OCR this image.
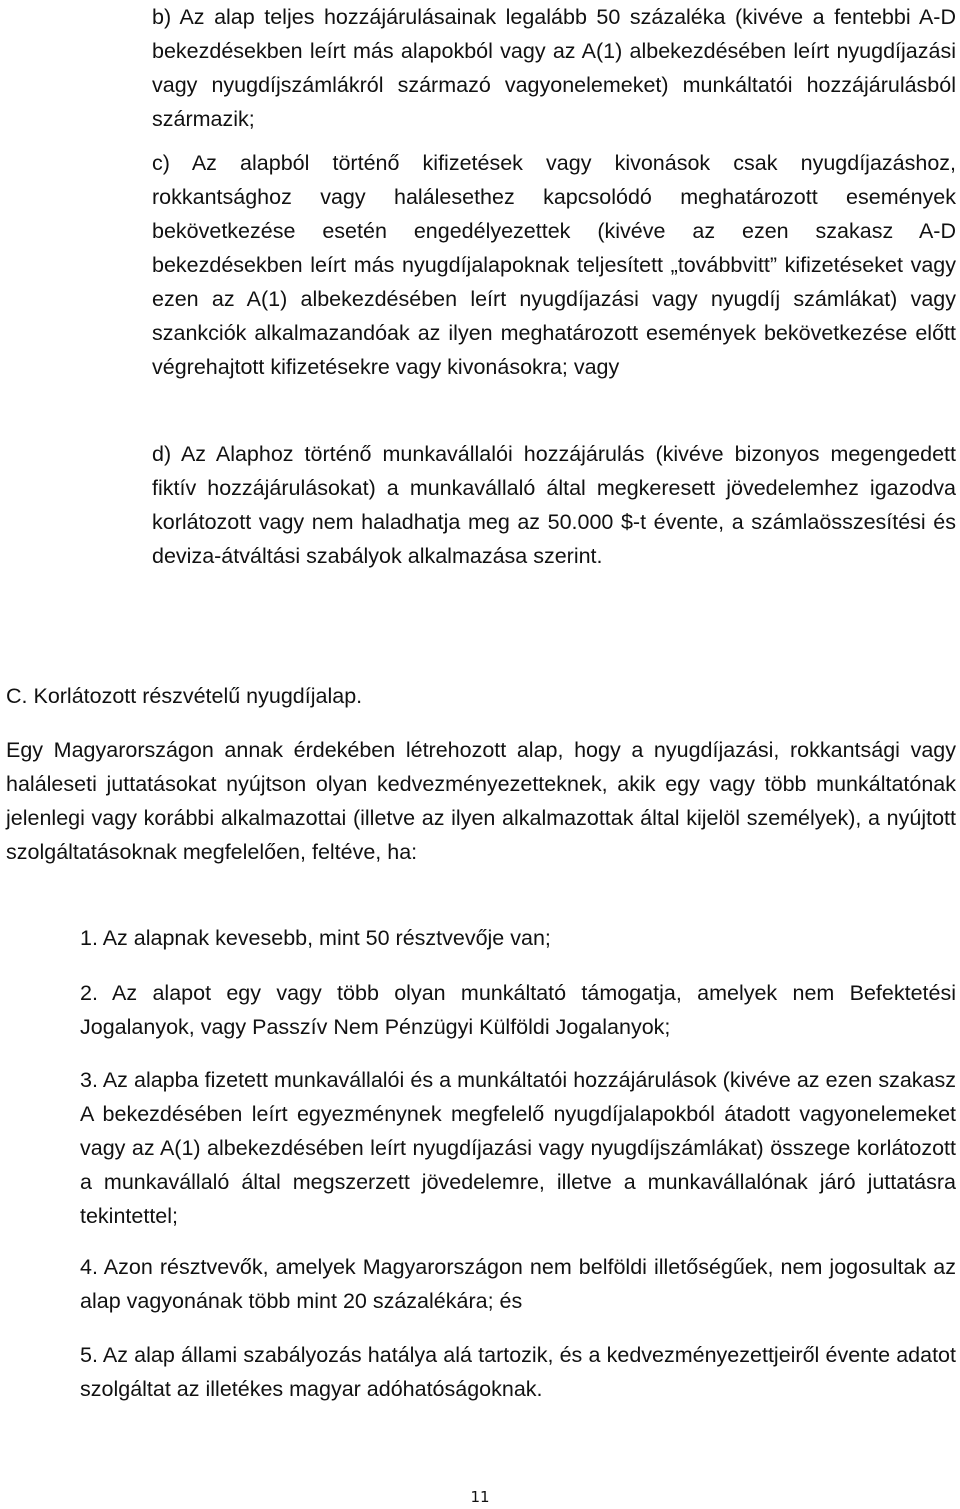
b) Az alap teljes hozzájárulásainak legalább 50 százaléka (kivéve a fentebbi A-D bekezdésekben leírt más alapokból vagy az A(1) albekezdésében leírt nyugdíjazási vagy nyugdíjszámlákról származó vagyonelemeket) munkáltatói hozzájárulásból származik;

c) Az alapból történő kifizetések vagy kivonások csak nyugdíjazáshoz, rokkantsághoz vagy halálesethez kapcsolódó meghatározott események bekövetkezése esetén engedélyezettek (kivéve az ezen szakasz A-D bekezdésekben leírt más nyugdíjalapoknak teljesített „továbbvitt” kifizetéseket vagy ezen az A(1) albekezdésében leírt nyugdíjazási vagy nyugdíj számlákat) vagy szankciók alkalmazandóak az ilyen meghatározott események bekövetkezése előtt végrehajtott kifizetésekre vagy kivonásokra; vagy

d) Az Alaphoz történő munkavállalói hozzájárulás (kivéve bizonyos megengedett fiktív hozzájárulásokat) a munkavállaló által megkeresett jövedelemhez igazodva korlátozott vagy nem haladhatja meg az 50.000 $-t évente, a számlaösszesítési és deviza-átváltási szabályok alkalmazása szerint.

C. Korlátozott részvételű nyugdíjalap.

Egy Magyarországon annak érdekében létrehozott alap, hogy a nyugdíjazási, rokkantsági vagy haláleseti juttatásokat nyújtson olyan kedvezményezetteknek, akik egy vagy több munkáltatónak jelenlegi vagy korábbi alkalmazottai (illetve az ilyen alkalmazottak által kijelöl személyek), a nyújtott szolgáltatásoknak megfelelően, feltéve, ha:

1. Az alapnak kevesebb, mint 50 résztvevője van;

2. Az alapot egy vagy több olyan munkáltató támogatja, amelyek nem Befektetési Jogalanyok, vagy Passzív Nem Pénzügyi Külföldi Jogalanyok;

3. Az alapba fizetett munkavállalói és a munkáltatói hozzájárulások (kivéve az ezen szakasz A bekezdésében leírt egyezménynek megfelelő nyugdíjalapokból átadott vagyonelemeket vagy az A(1) albekezdésében leírt nyugdíjazási vagy nyugdíjszámlákat) összege korlátozott a munkavállaló által megszerzett jövedelemre, illetve a munkavállalónak járó juttatásra tekintettel;

4. Azon résztvevők, amelyek Magyarországon nem belföldi illetőségűek, nem jogosultak az alap vagyonának több mint 20 százalékára; és

5. Az alap állami szabályozás hatálya alá tartozik, és a kedvezményezettjeiről évente adatot szolgáltat az illetékes magyar adóhatóságoknak.

11
